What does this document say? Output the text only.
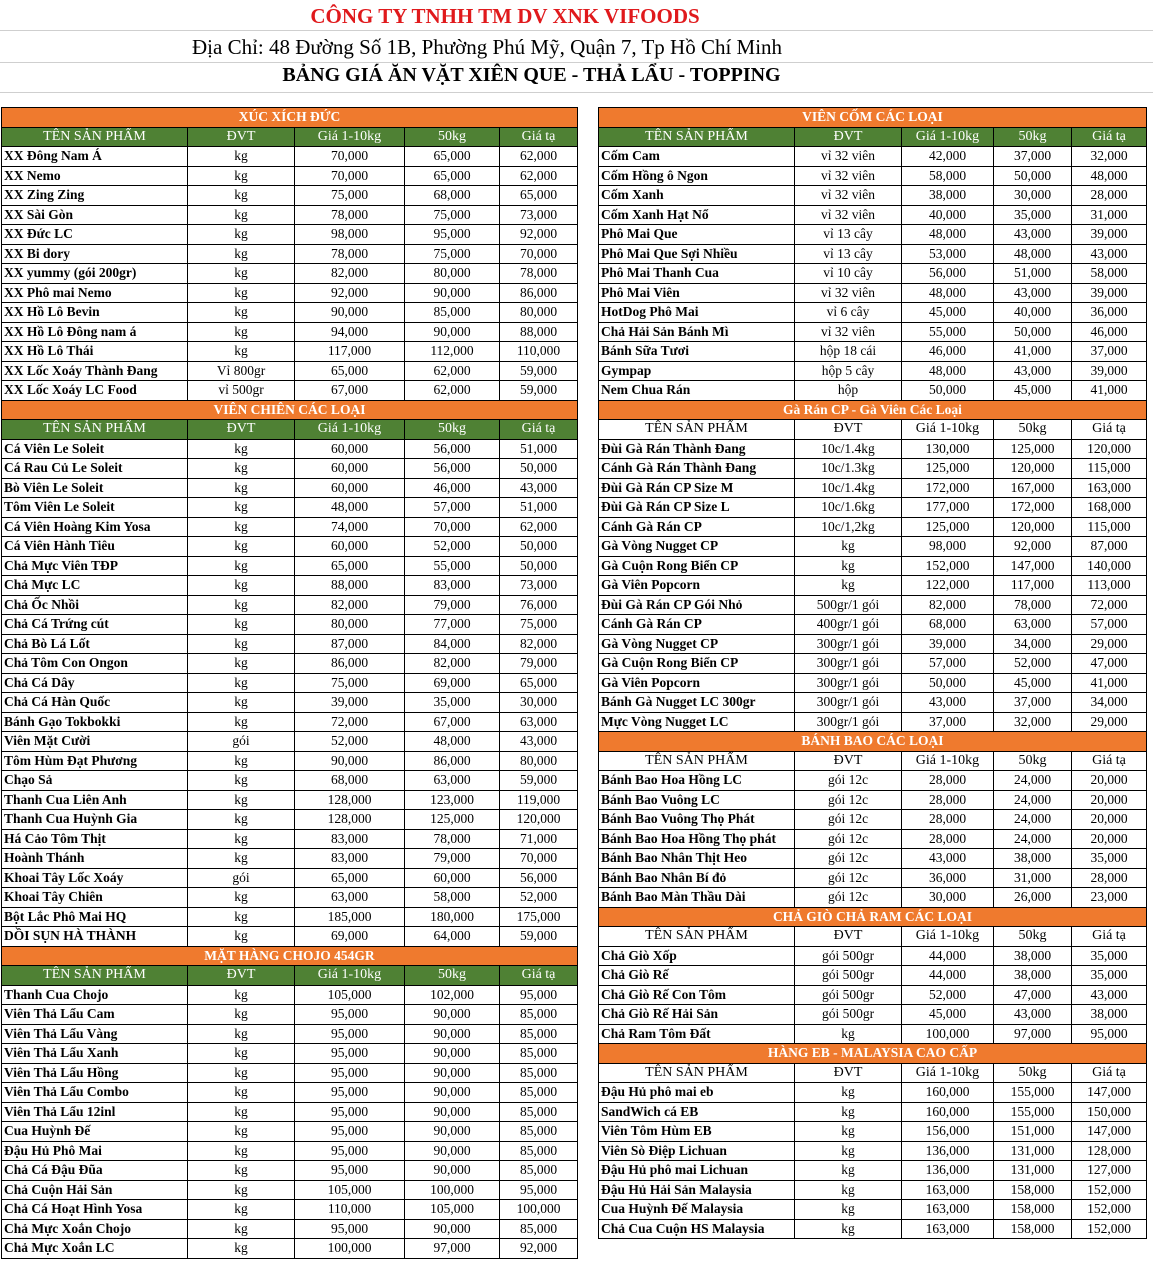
CÔNG TY TNHH TM DV XNK VIFOODS
Địa Chỉ: 48 Đường Số 1B, Phường Phú Mỹ, Quận 7, Tp Hồ Chí Minh
BẢNG GIÁ ĂN VẶT XIÊN QUE - THẢ LẨU - TOPPING
XÚC XÍCH ĐỨC				
TÊN SẢN PHẨM	ĐVT	Giá 1-10kg	50kg	Giá tạ
XX Đông Nam Á	kg	70,000	65,000	62,000
XX Nemo	kg	70,000	65,000	62,000
XX Zing Zing	kg	75,000	68,000	65,000
XX Sài Gòn	kg	78,000	75,000	73,000
XX Đức LC	kg	98,000	95,000	92,000
XX Bi dory	kg	78,000	75,000	70,000
XX yummy (gói 200gr)	kg	82,000	80,000	78,000
XX Phô mai Nemo	kg	92,000	90,000	86,000
XX Hồ Lô Bevin	kg	90,000	85,000	80,000
XX Hồ Lô Đông nam á	kg	94,000	90,000	88,000
XX Hồ Lô Thái	kg	117,000	112,000	110,000
XX Lốc Xoáy Thành Đang	Vỉ 800gr	65,000	62,000	59,000
XX Lốc Xoáy LC Food	vỉ 500gr	67,000	62,000	59,000
VIÊN CHIÊN CÁC LOẠI				
TÊN SẢN PHẨM	ĐVT	Giá 1-10kg	50kg	Giá tạ
Cá Viên Le Soleit	kg	60,000	56,000	51,000
Cá Rau Củ Le Soleit	kg	60,000	56,000	50,000
Bò Viên Le Soleit	kg	60,000	46,000	43,000
Tôm Viên Le Soleit	kg	48,000	57,000	51,000
Cá Viên Hoàng Kim Yosa	kg	74,000	70,000	62,000
Cá Viên Hành Tiêu	kg	60,000	52,000	50,000
Chả Mực Viên TĐP	kg	65,000	55,000	50,000
Chả Mực LC	kg	88,000	83,000	73,000
Chả Ốc Nhồi	kg	82,000	79,000	76,000
Chả Cá Trứng cút	kg	80,000	77,000	75,000
Chả Bò Lá Lốt	kg	87,000	84,000	82,000
Chả Tôm Con Ongon	kg	86,000	82,000	79,000
Chả Cá Dây	kg	75,000	69,000	65,000
Chả Cá Hàn Quốc	kg	39,000	35,000	30,000
Bánh Gạo Tokbokki	kg	72,000	67,000	63,000
Viên Mặt Cười	gói	52,000	48,000	43,000
Tôm Hùm Đạt Phương	kg	90,000	86,000	80,000
Chạo Sả	kg	68,000	63,000	59,000
Thanh Cua Liên Anh	kg	128,000	123,000	119,000
Thanh Cua Huỳnh Gia	kg	128,000	125,000	120,000
Há Cảo Tôm Thịt	kg	83,000	78,000	71,000
Hoành Thánh	kg	83,000	79,000	70,000
Khoai Tây Lốc Xoáy	gói	65,000	60,000	56,000
Khoai Tây Chiên	kg	63,000	58,000	52,000
Bột Lắc Phô Mai HQ	kg	185,000	180,000	175,000
DỒI SỤN HÀ THÀNH	kg	69,000	64,000	59,000
MẶT HÀNG CHOJO 454GR				
TÊN SẢN PHẨM	ĐVT	Giá 1-10kg	50kg	Giá tạ
Thanh Cua Chojo	kg	105,000	102,000	95,000
Viên Thả Lẩu Cam	kg	95,000	90,000	85,000
Viên Thả Lẩu Vàng	kg	95,000	90,000	85,000
Viên Thả Lẩu Xanh	kg	95,000	90,000	85,000
Viên Thả Lẩu Hồng	kg	95,000	90,000	85,000
Viên Thả Lẩu Combo	kg	95,000	90,000	85,000
Viên Thả Lẩu 12inl	kg	95,000	90,000	85,000
Cua Huỳnh Đế	kg	95,000	90,000	85,000
Đậu Hủ Phô Mai	kg	95,000	90,000	85,000
Chả Cá Đậu Đũa	kg	95,000	90,000	85,000
Chả Cuộn Hải Sản	kg	105,000	100,000	95,000
Chả Cá Hoạt Hình Yosa	kg	110,000	105,000	100,000
Chả Mực Xoắn Chojo	kg	95,000	90,000	85,000
Chả Mực Xoắn LC	kg	100,000	97,000	92,000
VIÊN CỐM CÁC LOẠI				
TÊN SẢN PHẨM	ĐVT	Giá 1-10kg	50kg	Giá tạ
Cốm Cam	vỉ 32 viên	42,000	37,000	32,000
Cốm Hồng ô Ngon	vỉ 32 viên	58,000	50,000	48,000
Cốm Xanh	vỉ 32 viên	38,000	30,000	28,000
Cốm Xanh Hạt Nổ	vỉ 32 viên	40,000	35,000	31,000
Phô Mai Que	vỉ 13 cây	48,000	43,000	39,000
Phô Mai Que Sợi Nhiều	vỉ 13 cây	53,000	48,000	43,000
Phô Mai Thanh Cua	vỉ 10 cây	56,000	51,000	58,000
Phô Mai Viên	vỉ 32 viên	48,000	43,000	39,000
HotDog Phô Mai	vỉ 6 cây	45,000	40,000	36,000
Chả Hải Sản Bánh Mì	vỉ 32 viên	55,000	50,000	46,000
Bánh Sữa Tươi	hộp 18 cái	46,000	41,000	37,000
Gympap	hộp 5 cây	48,000	43,000	39,000
Nem Chua Rán	hộp	50,000	45,000	41,000
Gà Rán CP - Gà Viên Các Loại				
TÊN SẢN PHẨM	ĐVT	Giá 1-10kg	50kg	Giá tạ
Đùi Gà Rán Thành Đang	10c/1.4kg	130,000	125,000	120,000
Cánh Gà Rán Thành Đang	10c/1.3kg	125,000	120,000	115,000
Đùi Gà Rán CP Size M	10c/1.4kg	172,000	167,000	163,000
Đùi Gà Rán CP Size L	10c/1.6kg	177,000	172,000	168,000
Cánh Gà Rán CP	10c/1,2kg	125,000	120,000	115,000
Gà Vòng Nugget CP	kg	98,000	92,000	87,000
Gà Cuộn Rong Biển CP	kg	152,000	147,000	140,000
Gà Viên Popcorn	kg	122,000	117,000	113,000
Đùi Gà Rán CP Gói Nhỏ	500gr/1 gói	82,000	78,000	72,000
Cánh Gà Rán CP	400gr/1 gói	68,000	63,000	57,000
Gà Vòng Nugget CP	300gr/1 gói	39,000	34,000	29,000
Gà Cuộn Rong Biển CP	300gr/1 gói	57,000	52,000	47,000
Gà Viên Popcorn	300gr/1 gói	50,000	45,000	41,000
Bánh Gà Nugget LC 300gr	300gr/1 gói	43,000	37,000	34,000
Mực Vòng Nugget LC	300gr/1 gói	37,000	32,000	29,000
BÁNH BAO CÁC LOẠI				
TÊN SẢN PHẨM	ĐVT	Giá 1-10kg	50kg	Giá tạ
Bánh Bao Hoa Hồng LC	gói 12c	28,000	24,000	20,000
Bánh Bao Vuông LC	gói 12c	28,000	24,000	20,000
Bánh Bao Vuông Thọ Phát	gói 12c	28,000	24,000	20,000
Bánh Bao Hoa Hồng Thọ phát	gói 12c	28,000	24,000	20,000
Bánh Bao Nhân Thịt Heo	gói 12c	43,000	38,000	35,000
Bánh Bao Nhân Bí đỏ	gói 12c	36,000	31,000	28,000
Bánh Bao Màn Thầu Dài	gói 12c	30,000	26,000	23,000
CHẢ GIÒ CHẢ RAM CÁC LOẠI				
TÊN SẢN PHẨM	ĐVT	Giá 1-10kg	50kg	Giá tạ
Chả Giò Xốp	gói 500gr	44,000	38,000	35,000
Chả Giò Rế	gói 500gr	44,000	38,000	35,000
Chả Giò Rế Con Tôm	gói 500gr	52,000	47,000	43,000
Chả Giò Rế Hải Sản	gói 500gr	45,000	43,000	38,000
Chả Ram Tôm Đất	kg	100,000	97,000	95,000
HÀNG EB - MALAYSIA CAO CẤP				
TÊN SẢN PHẨM	ĐVT	Giá 1-10kg	50kg	Giá tạ
Đậu Hủ phô mai eb	kg	160,000	155,000	147,000
SandWich cá EB	kg	160,000	155,000	150,000
Viên Tôm Hùm EB	kg	156,000	151,000	147,000
Viên Sò Điệp Lichuan	kg	136,000	131,000	128,000
Đậu Hủ phô mai Lichuan	kg	136,000	131,000	127,000
Đậu Hủ Hải Sản Malaysia	kg	163,000	158,000	152,000
Cua Huỳnh Đế Malaysia	kg	163,000	158,000	152,000
Chả Cua Cuộn HS Malaysia	kg	163,000	158,000	152,000
